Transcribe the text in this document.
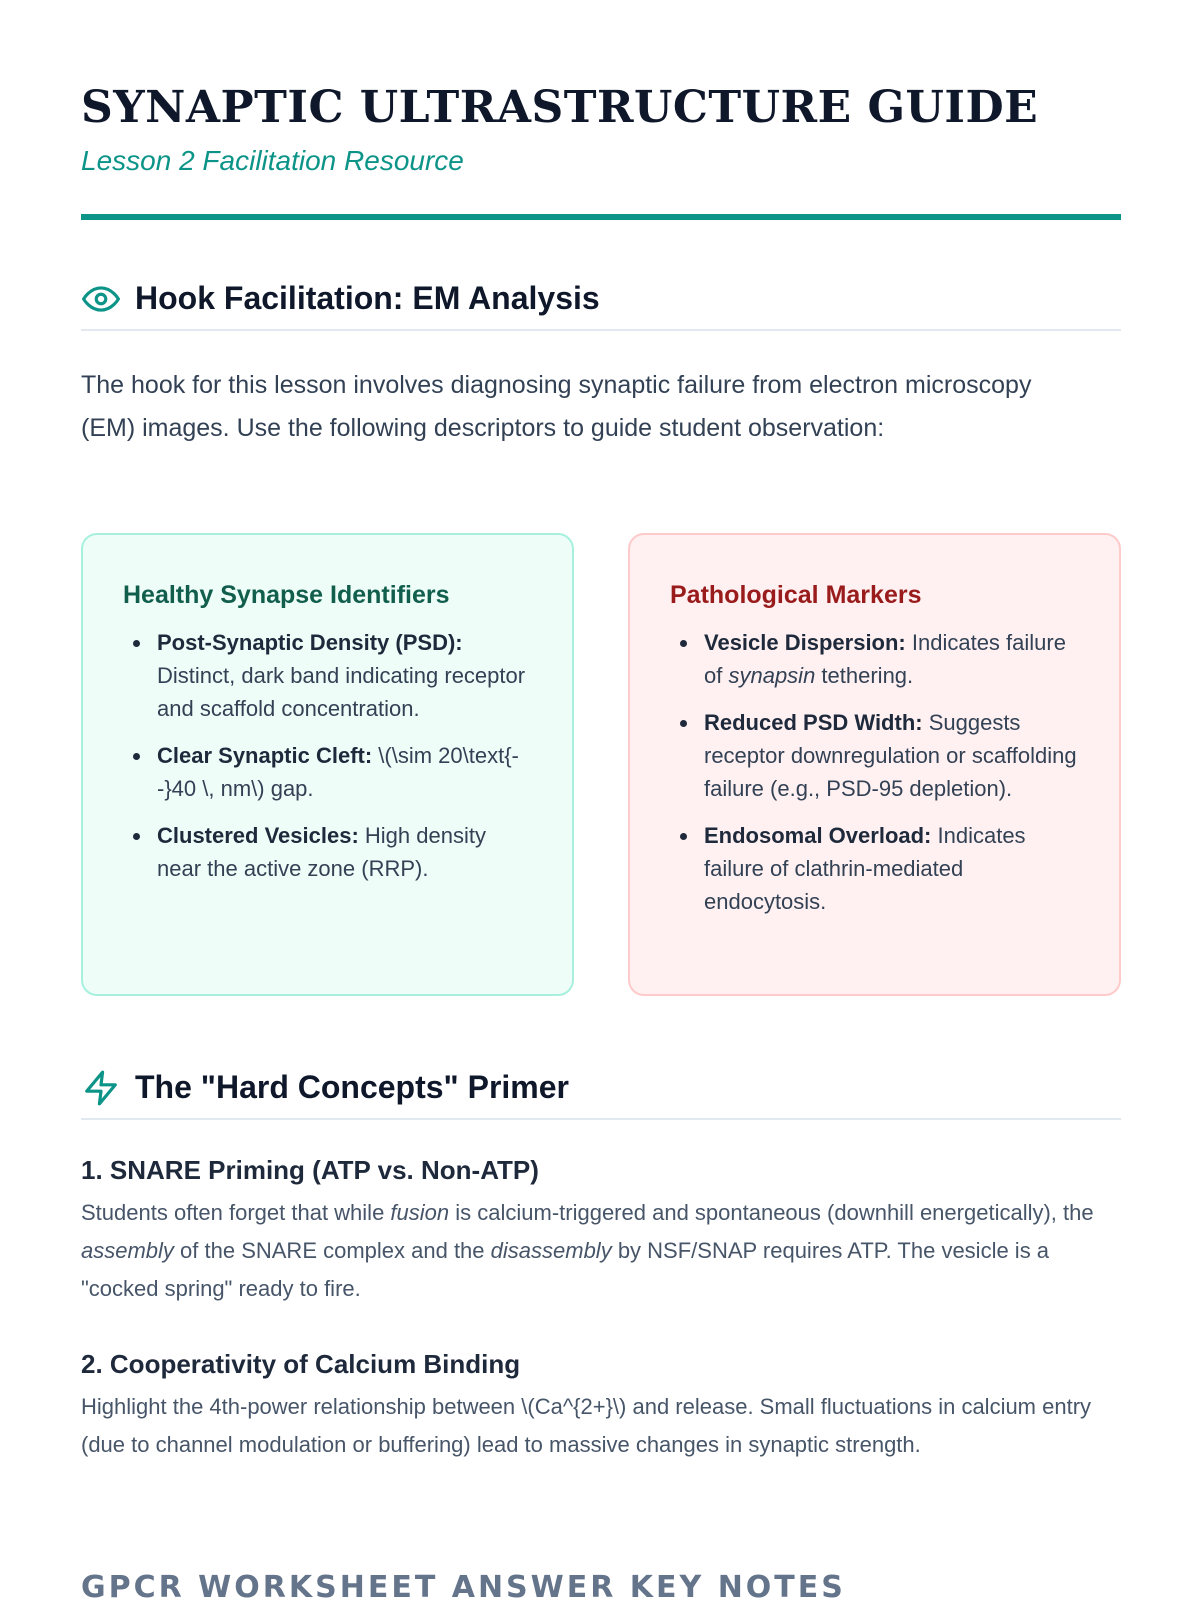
SYNAPTIC ULTRASTRUCTURE GUIDE
Lesson 2 Facilitation Resource
Hook Facilitation: EM Analysis

The hook for this lesson involves diagnosing synaptic failure from electron microscopy (EM) images. Use the following descriptors to guide student observation:

Healthy Synapse Identifiers
Post-Synaptic Density (PSD): Distinct, dark band indicating receptor and scaffold concentration.
Clear Synaptic Cleft: \(\sim 20\text{--}40 \, nm\) gap.
Clustered Vesicles: High density near the active zone (RRP).
Pathological Markers
Vesicle Dispersion: Indicates failure of synapsin tethering.
Reduced PSD Width: Suggests receptor downregulation or scaffolding failure (e.g., PSD-95 depletion).
Endosomal Overload: Indicates failure of clathrin-mediated endocytosis.
The "Hard Concepts" Primer
1. SNARE Priming (ATP vs. Non-ATP)

Students often forget that while fusion is calcium-triggered and spontaneous (downhill energetically), the assembly of the SNARE complex and the disassembly by NSF/SNAP requires ATP. The vesicle is a "cocked spring" ready to fire.

2. Cooperativity of Calcium Binding

Highlight the 4th-power relationship between \(Ca^{2+}\) and release. Small fluctuations in calcium entry (due to channel modulation or buffering) lead to massive changes in synaptic strength.

GPCR WORKSHEET ANSWER KEY NOTES
